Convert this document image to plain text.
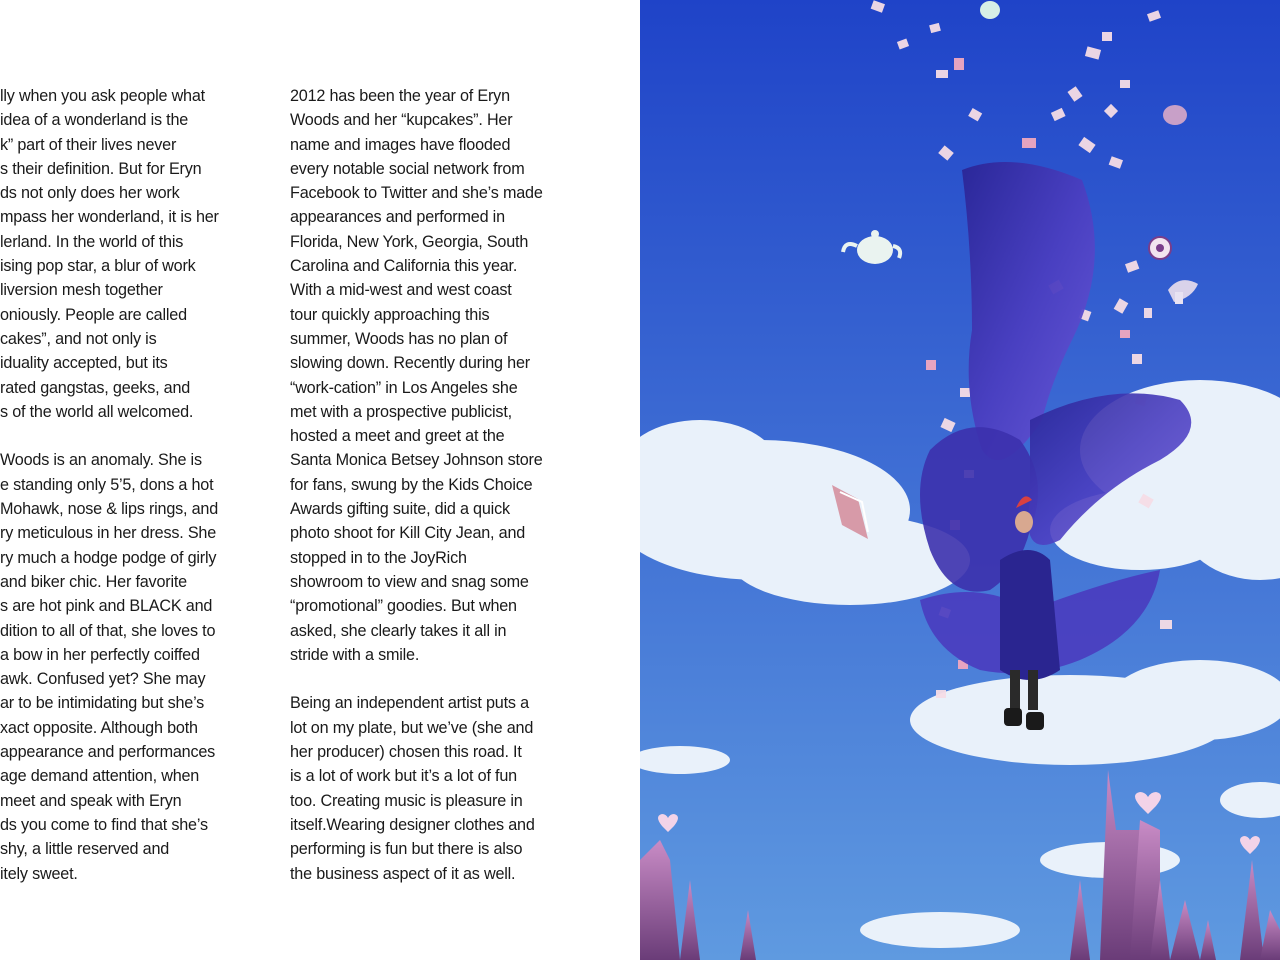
lly when you ask people what
idea of a wonderland is the
k” part of their lives never
s their definition. But for Eryn
ds not only does her work
mpass her wonderland, it is her
lerland. In the world of this
ising pop star, a blur of work
liversion mesh together
oniously. People are called
cakes”, and not only is
iduality accepted, but its
rated gangstas, geeks, and
s of the world all welcomed.
Woods is an anomaly. She is
e standing only 5’5, dons a hot
Mohawk, nose & lips rings, and
ry meticulous in her dress. She
ry much a hodge podge of girly
and biker chic. Her favorite
s are hot pink and BLACK and
dition to all of that, she loves to
a bow in her perfectly coiffed
awk. Confused yet? She may
ar to be intimidating but she’s
xact opposite. Although both
appearance and performances
age demand attention, when
meet and speak with Eryn
ds you come to find that she’s
shy, a little reserved and
itely sweet.
2012 has been the year of Eryn
Woods and her “kupcakes”. Her
name and images have flooded
every notable social network from
Facebook to Twitter and she’s made
appearances and performed in
Florida, New York, Georgia, South
Carolina and California this year.
With a mid-west and west coast
tour quickly approaching this
summer, Woods has no plan of
slowing down. Recently during her
“work-cation” in Los Angeles she
met with a prospective publicist,
hosted a meet and greet at the
Santa Monica Betsey Johnson store
for fans, swung by the Kids Choice
Awards gifting suite, did a quick
photo shoot for Kill City Jean, and
stopped in to the JoyRich
showroom to view and snag some
“promotional” goodies. But when
asked, she clearly takes it all in
stride with a smile.
Being an independent artist puts a
lot on my plate, but we’ve (she and
her producer) chosen this road. It
is a lot of work but it’s a lot of fun
too. Creating music is pleasure in
itself.Wearing designer clothes and
performing is fun but there is also
the business aspect of it as well.
